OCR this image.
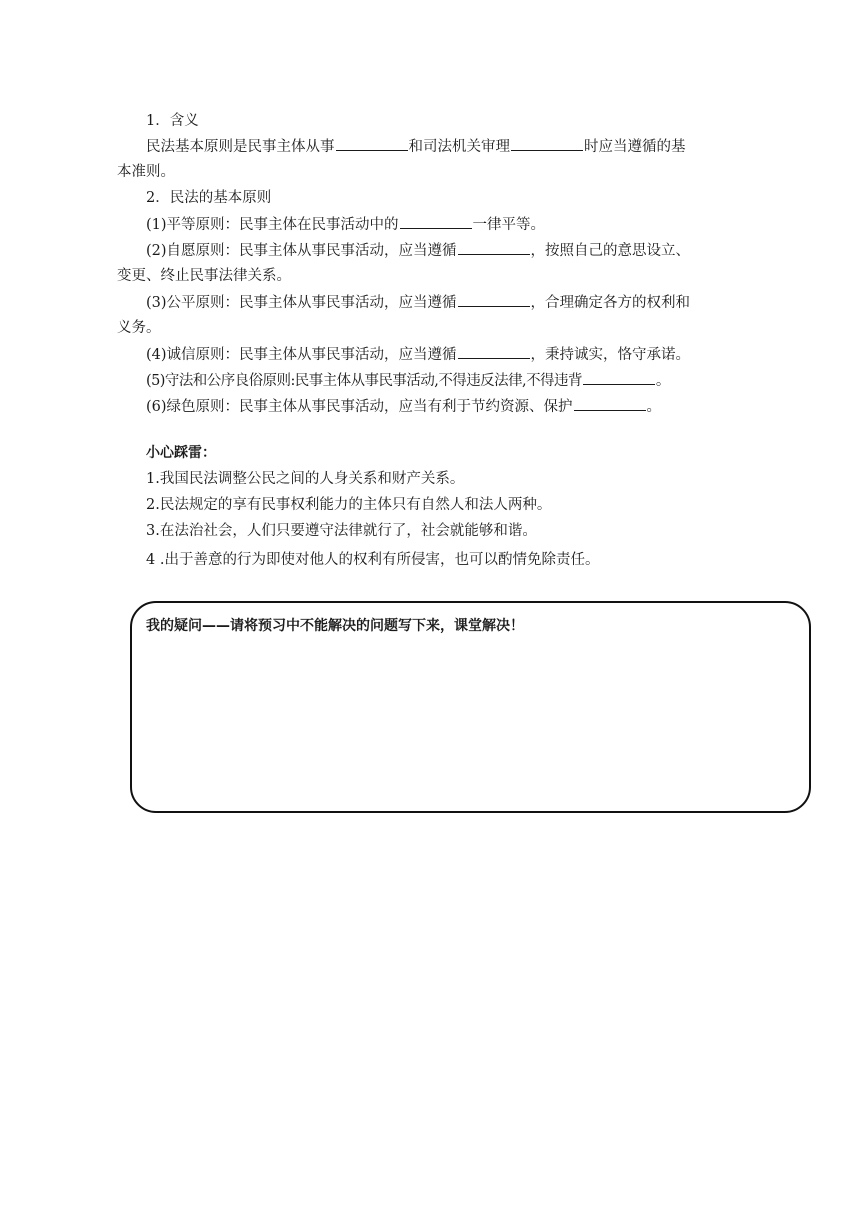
1．含义
民法基本原则是民事主体从事	和司法机关审理	时应当遵循的基
本准则。
2．民法的基本原则
(1)平等原则：民事主体在民事活动中的	一律平等。
(2)自愿原则：民事主体从事民事活动，应当遵循	，按照自己的意思设立、
变更、终止民事法律关系。
(3)公平原则：民事主体从事民事活动，应当遵循	，合理确定各方的权利和
义务。
(4)诚信原则：民事主体从事民事活动，应当遵循	，秉持诚实，恪守承诺。
(5)守法和公序良俗原则:民事主体从事民事活动,不得违反法律,不得违背	。
(6)绿色原则：民事主体从事民事活动，应当有利于节约资源、保护	。
小心踩雷：
1.我国民法调整公民之间的人身关系和财产关系。
2.民法规定的享有民事权利能力的主体只有自然人和法人两种。
3.在法治社会，人们只要遵守法律就行了，社会就能够和谐。
4 .出于善意的行为即使对他人的权利有所侵害，也可以酌情免除责任。
我的疑问——请将预习中不能解决的问题写下来，课堂解决！
